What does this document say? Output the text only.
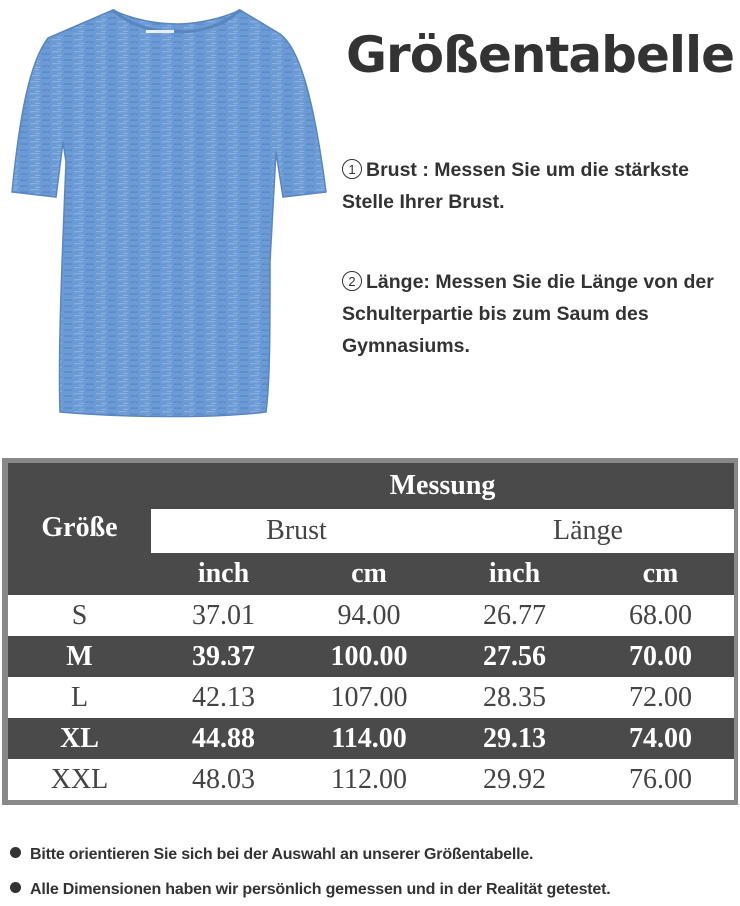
Größentabelle
1 Brust : Messen Sie um die stärkste Stelle Ihrer Brust.
2 Länge: Messen Sie die Länge von der Schulterpartie bis zum Saum des Gymnasiums.
Größe
Messung
Brust	Länge
inch	cm	inch	cm
S	37.01	94.00	26.77	68.00
M	39.37	100.00	27.56	70.00
L	42.13	107.00	28.35	72.00
XL	44.88	114.00	29.13	74.00
XXL	48.03	112.00	29.92	76.00
Bitte orientieren Sie sich bei der Auswahl an unserer Größentabelle.
Alle Dimensionen haben wir persönlich gemessen und in der Realität getestet.
